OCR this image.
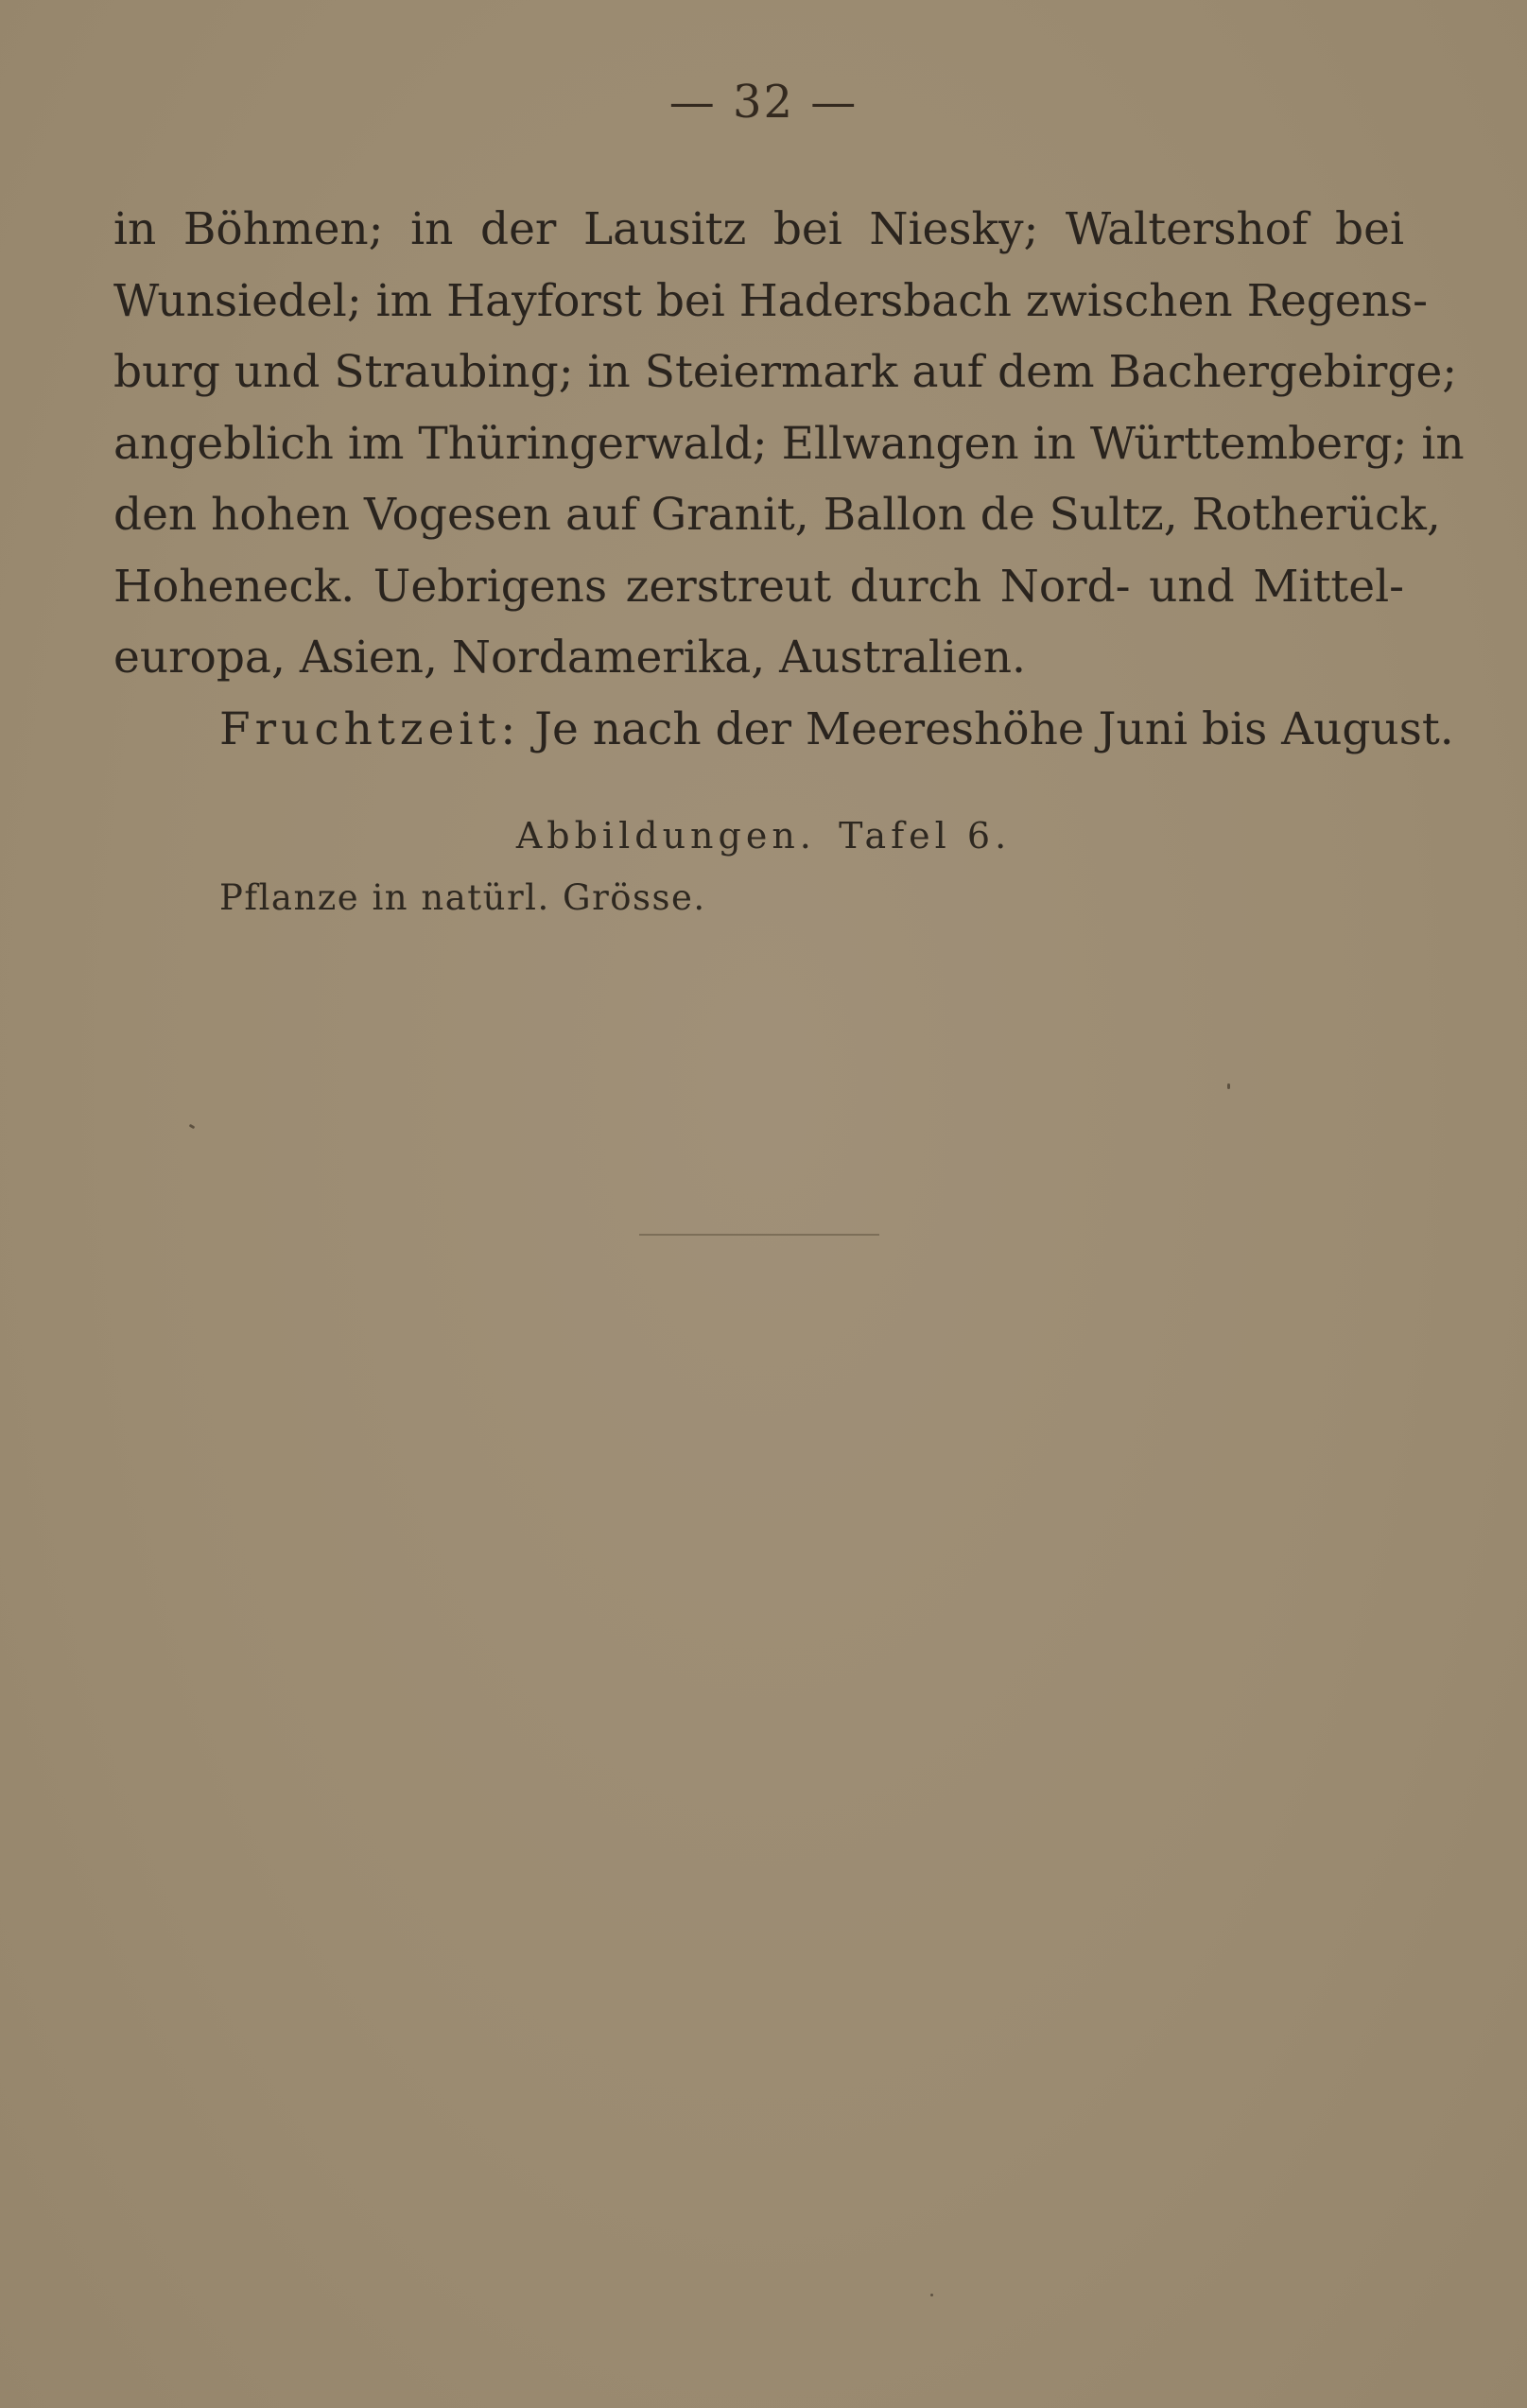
— 32 —
in Böhmen; in der Lausitz bei Niesky; Waltershof bei
Wunsiedel; im Hayforst bei Hadersbach zwischen Regens-
burg und Straubing; in Steiermark auf dem Bachergebirge;
angeblich im Thüringerwald; Ellwangen in Württemberg; in
den hohen Vogesen auf Granit, Ballon de Sultz, Rotherück,
Hoheneck. Uebrigens zerstreut durch Nord- und Mittel-
europa, Asien, Nordamerika, Australien.
Fruchtzeit: Je nach der Meereshöhe Juni bis August.
Abbildungen. Tafel 6.
Pflanze in natürl. Grösse.
